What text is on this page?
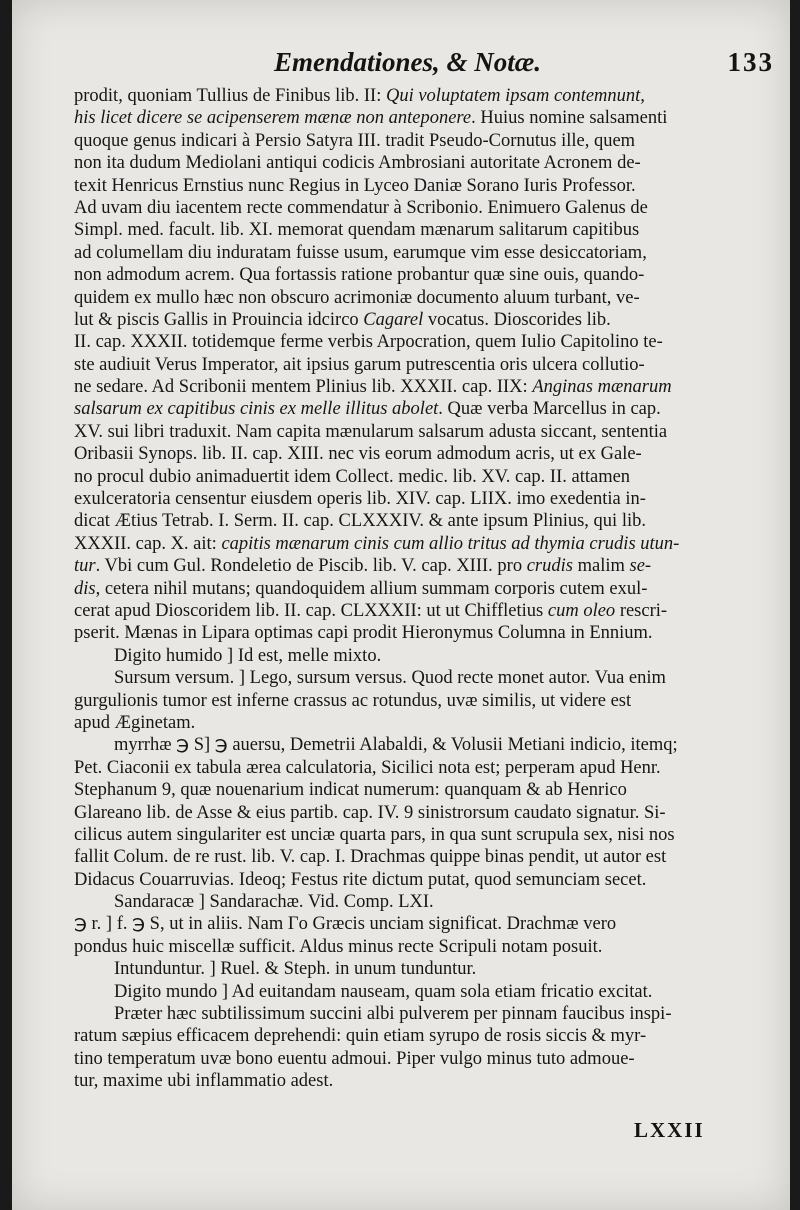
Emendationes, & Notæ.	133
prodit, quoniam Tullius de Finibus lib. II: Qui voluptatem ipsam contemnunt,
his licet dicere se acipenserem mænæ non anteponere. Huius nomine salsamenti
quoque genus indicari à Persio Satyra III. tradit Pseudo-Cornutus ille, quem
non ita dudum Mediolani antiqui codicis Ambrosiani autoritate Acronem de-
texit Henricus Ernstius nunc Regius in Lyceo Daniæ Sorano Iuris Professor.
Ad uvam diu iacentem recte commendatur à Scribonio. Enimuero Galenus de
Simpl. med. facult. lib. XI. memorat quendam mænarum salitarum capitibus
ad columellam diu induratam fuisse usum, earumque vim esse desiccatoriam,
non admodum acrem. Qua fortassis ratione probantur quæ sine ouis, quando-
quidem ex mullo hæc non obscuro acrimoniæ documento aluum turbant, ve-
lut & piscis Gallis in Prouincia idcirco Cagarel vocatus. Dioscorides lib.
II. cap. XXXII. totidemque ferme verbis Arpocration, quem Iulio Capitolino te-
ste audiuit Verus Imperator, ait ipsius garum putrescentia oris ulcera collutio-
ne sedare. Ad Scribonii mentem Plinius lib. XXXII. cap. IIX: Anginas mænarum
salsarum ex capitibus cinis ex melle illitus abolet. Quæ verba Marcellus in cap.
XV. sui libri traduxit. Nam capita mænularum salsarum adusta siccant, sententia
Oribasii Synops. lib. II. cap. XIII. nec vis eorum admodum acris, ut ex Gale-
no procul dubio animaduertit idem Collect. medic. lib. XV. cap. II. attamen
exulceratoria censentur eiusdem operis lib. XIV. cap. LIIX. imo exedentia in-
dicat Ætius Tetrab. I. Serm. II. cap. CLXXXIV. & ante ipsum Plinius, qui lib.
XXXII. cap. X. ait: capitis mænarum cinis cum allio tritus ad thymia crudis utun-
tur. Vbi cum Gul. Rondeletio de Piscib. lib. V. cap. XIII. pro crudis malim se-
dis, cetera nihil mutans; quandoquidem allium summam corporis cutem exul-
cerat apud Dioscoridem lib. II. cap. CLXXXII: ut ut Chiffletius cum oleo rescri-
pserit. Mænas in Lipara optimas capi prodit Hieronymus Columna in Ennium.
Digito humido ] Id est, melle mixto.
Sursum versum. ] Lego, sursum versus. Quod recte monet autor. Vua enim
gurgulionis tumor est inferne crassus ac rotundus, uvæ similis, ut videre est
apud Æginetam.
myrrhæ ℈ S] ℈ auersu, Demetrii Alabaldi, & Volusii Metiani indicio, itemq;
Pet. Ciaconii ex tabula ærea calculatoria, Sicilici nota est; perperam apud Henr.
Stephanum 9, quæ nouenarium indicat numerum: quanquam & ab Henrico
Glareano lib. de Asse & eius partib. cap. IV. 9 sinistrorsum caudato signatur. Si-
cilicus autem singulariter est unciæ quarta pars, in qua sunt scrupula sex, nisi nos
fallit Colum. de re rust. lib. V. cap. I. Drachmas quippe binas pendit, ut autor est
Didacus Couarruvias. Ideoq; Festus rite dictum putat, quod semunciam secet.
Sandaracæ ] Sandarachæ. Vid. Comp. LXI.
℈ r. ] f. ℈ S, ut in aliis. Nam Γo Græcis unciam significat. Drachmæ vero
pondus huic miscellæ sufficit. Aldus minus recte Scripuli notam posuit.
Intunduntur. ] Ruel. & Steph. in unum tunduntur.
Digito mundo ] Ad euitandam nauseam, quam sola etiam fricatio excitat.
Præter hæc subtilissimum succini albi pulverem per pinnam faucibus inspi-
ratum sæpius efficacem deprehendi: quin etiam syrupo de rosis siccis & myr-
tino temperatum uvæ bono euentu admoui. Piper vulgo minus tuto admoue-
tur, maxime ubi inflammatio adest.
LXXII
